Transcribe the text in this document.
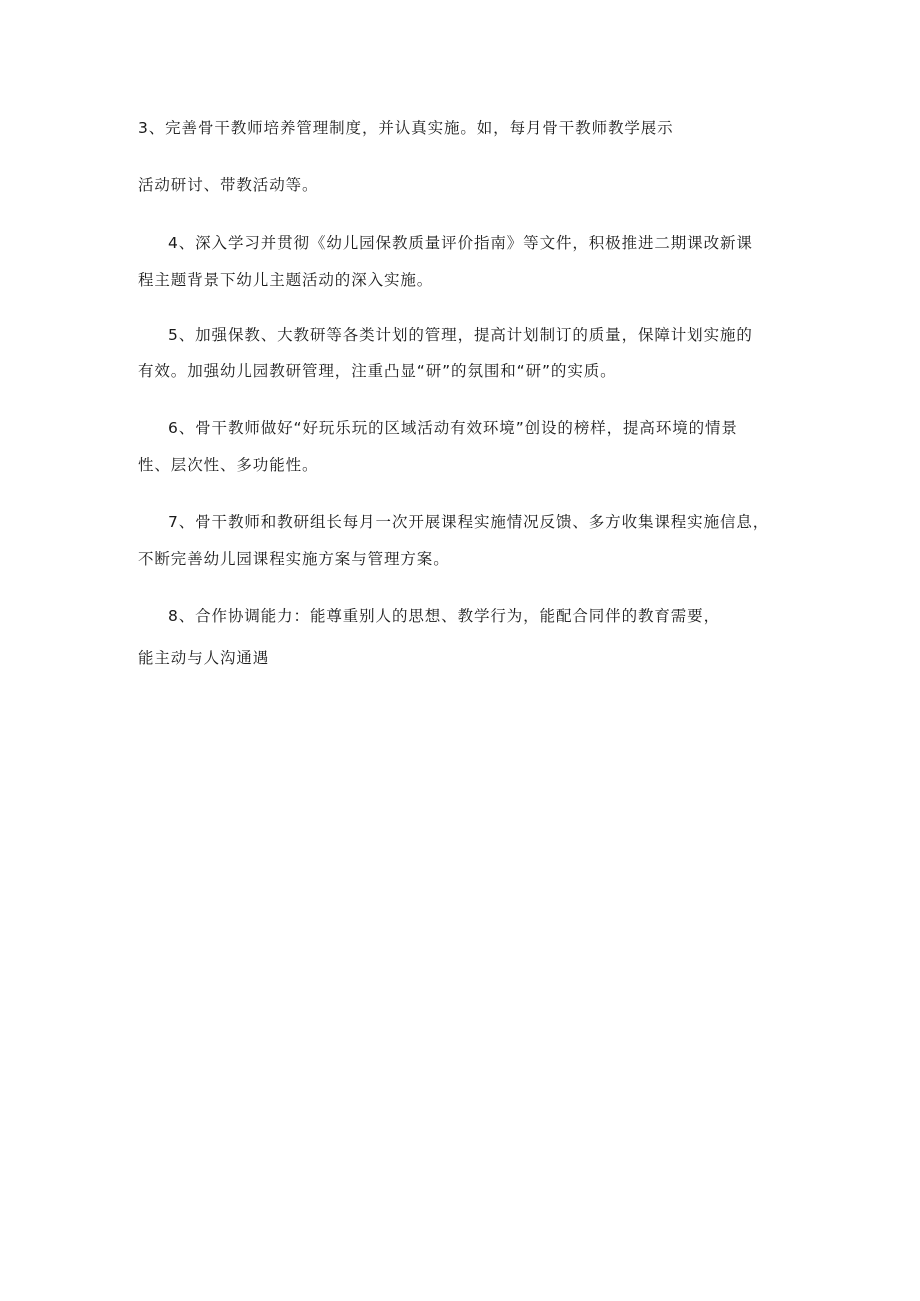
3、完善骨干教师培养管理制度，并认真实施。如，每月骨干教师教学展示
活动研讨、带教活动等。
4、深入学习并贯彻《幼儿园保教质量评价指南》等文件，积极推进二期课改新课
程主题背景下幼儿主题活动的深入实施。
5、加强保教、大教研等各类计划的管理，提高计划制订的质量，保障计划实施的
有效。加强幼儿园教研管理，注重凸显“研”的氛围和“研”的实质。
6、骨干教师做好“好玩乐玩的区域活动有效环境”创设的榜样，提高环境的情景
性、层次性、多功能性。
7、骨干教师和教研组长每月一次开展课程实施情况反馈、多方收集课程实施信息，
不断完善幼儿园课程实施方案与管理方案。
8、合作协调能力：能尊重别人的思想、教学行为，能配合同伴的教育需要，
能主动与人沟通遇
